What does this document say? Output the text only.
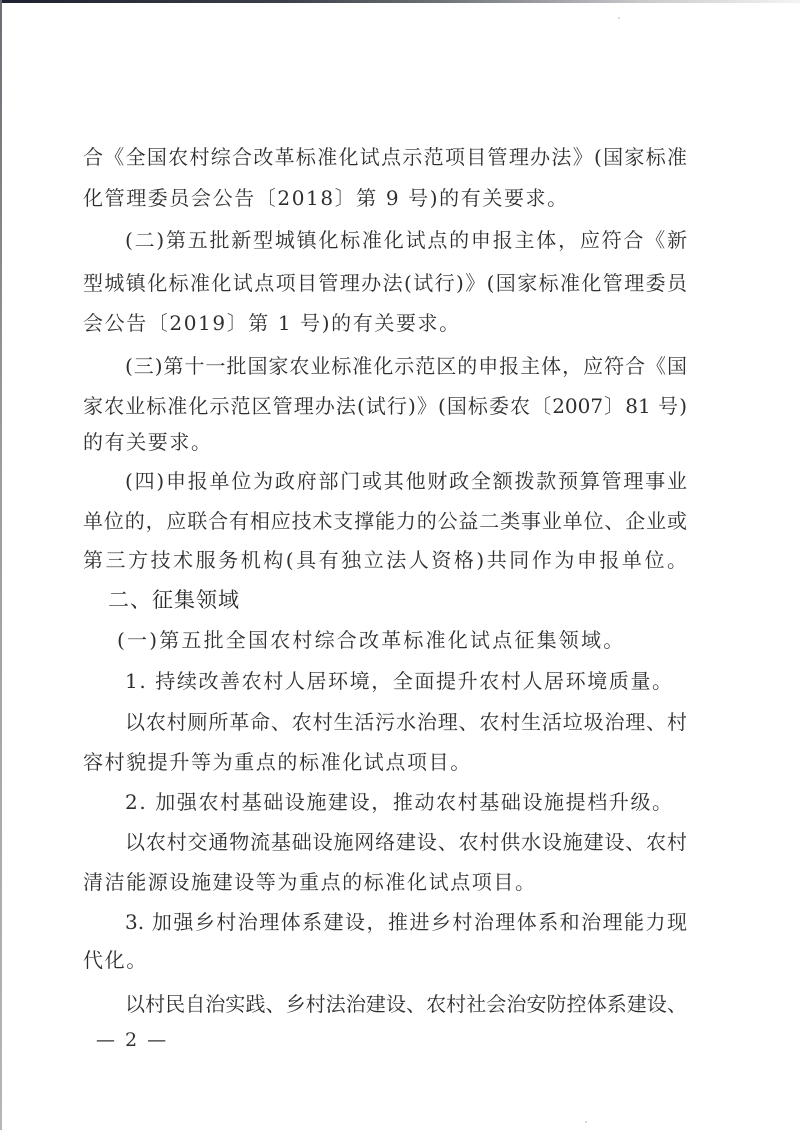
合《全国农村综合改革标准化试点示范项目管理办法》(国家标准
化管理委员会公告〔2018〕第 9 号)的有关要求。
(二)第五批新型城镇化标准化试点的申报主体，应符合《新
型城镇化标准化试点项目管理办法(试行)》(国家标准化管理委员
会公告〔2019〕第 1 号)的有关要求。
(三)第十一批国家农业标准化示范区的申报主体，应符合《国
家农业标准化示范区管理办法(试行)》(国标委农〔2007〕81 号)
的有关要求。
(四)申报单位为政府部门或其他财政全额拨款预算管理事业
单位的，应联合有相应技术支撑能力的公益二类事业单位、企业或
第三方技术服务机构(具有独立法人资格)共同作为申报单位。
二、征集领域
(一)第五批全国农村综合改革标准化试点征集领域。
1. 持续改善农村人居环境，全面提升农村人居环境质量。
以农村厕所革命、农村生活污水治理、农村生活垃圾治理、村
容村貌提升等为重点的标准化试点项目。
2. 加强农村基础设施建设，推动农村基础设施提档升级。
以农村交通物流基础设施网络建设、农村供水设施建设、农村
清洁能源设施建设等为重点的标准化试点项目。
3. 加强乡村治理体系建设，推进乡村治理体系和治理能力现
代化。
以村民自治实践、乡村法治建设、农村社会治安防控体系建设、
— 2 —
